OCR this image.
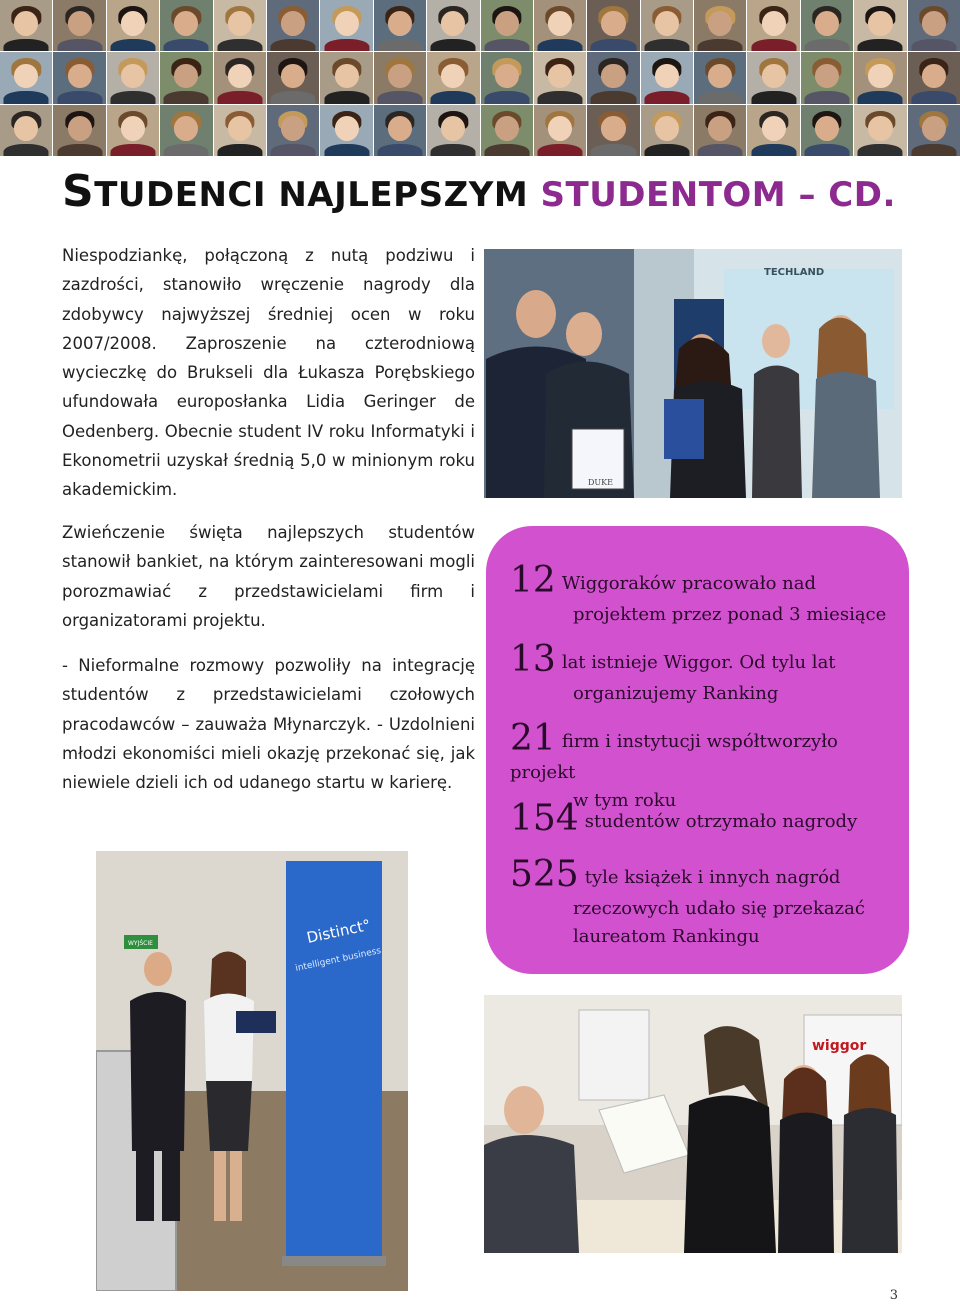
STUDENCI NAJLEPSZYM STUDENTOM – CD.

Niespodziankę, połączoną z nutą podziwu i zazdrości, stanowiło wręczenie nagrody dla zdobywcy najwyższej średniej ocen w roku 2007/2008. Zaproszenie na czterodniową wycieczkę do Brukseli dla Łukasza Porębskiego ufundowała europosłanka Lidia Geringer de Oedenberg. Obecnie student IV roku Informatyki i Ekonometrii uzyskał średnią 5,0 w minionym roku akademickim.

Zwieńczenie święta najlepszych studentów stanowił bankiet, na którym zainteresowani mogli porozmawiać z przedstawicielami firm i organizatorami projektu.

- Nieformalne rozmowy pozwoliły na integrację studentów z przedstawicielami czołowych pracodawców – zauważa Młynarczyk. - Uzdolnieni młodzi ekonomiści mieli okazję przekonać się, jak niewiele dzieli ich od udanego startu w karierę.

TECHLAND
DUKE
12 Wiggoraków pracowało nad
projektem przez ponad 3 miesiące
13 lat istnieje Wiggor. Od tylu lat
organizujemy Ranking
21 firm i instytucji współtworzyło projekt
w tym roku
154 studentów otrzymało nagrody
525 tyle książek i innych nagród
rzeczowych udało się przekazać
laureatom Rankingu
WYJŚCIE	Distinct°
intelligent business
wiggor
3
